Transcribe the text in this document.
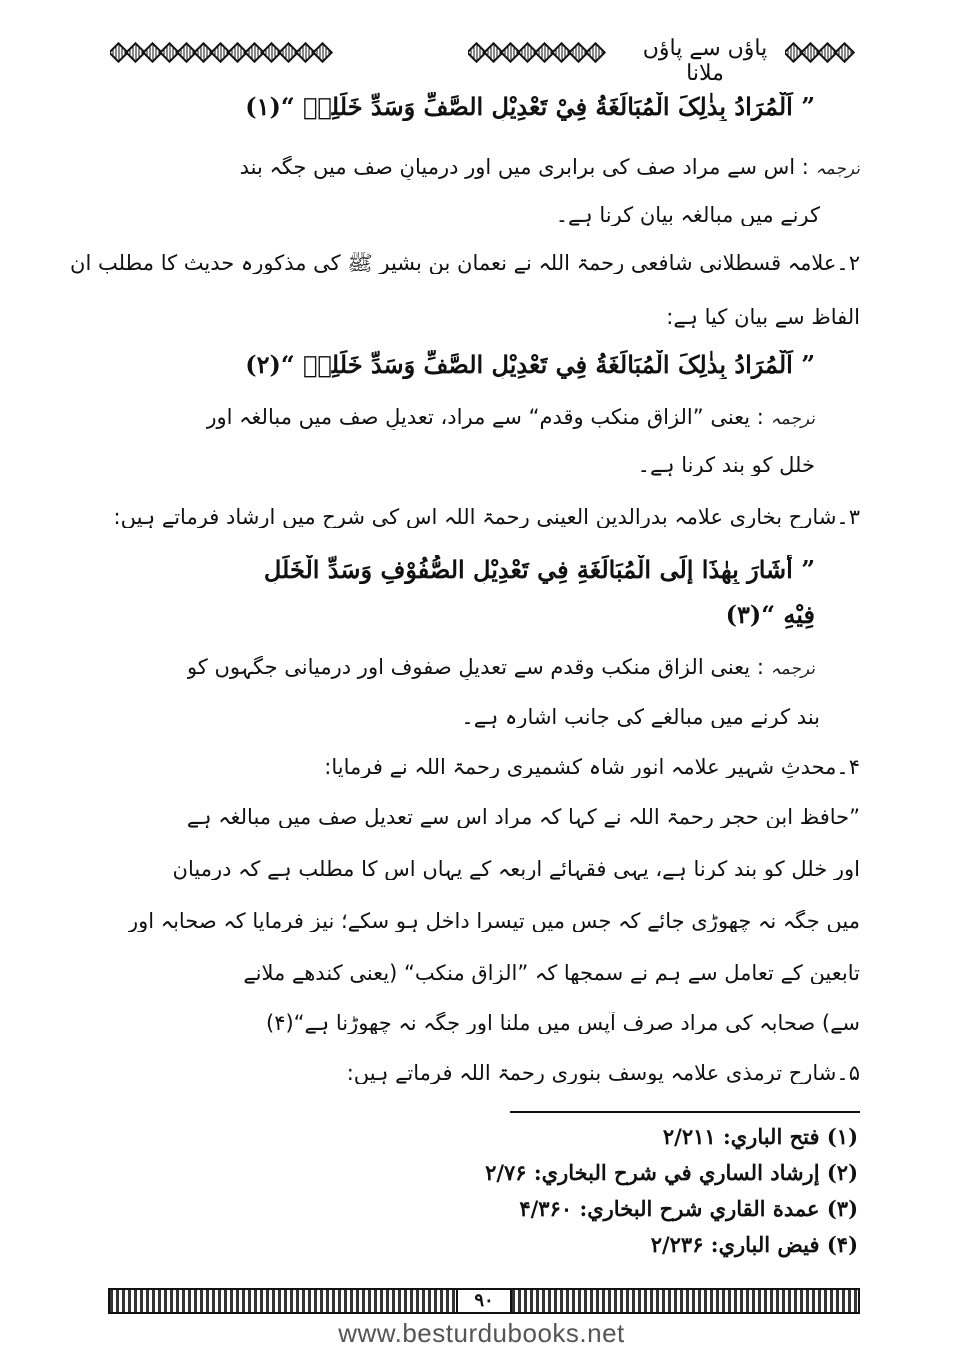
پاؤں سے پاؤں ملانا
” اَلْمُرَادُ بِذٰلِکَ الْمُبَالَغَةُ فِيْ تَعْدِيْلِ الصَّفِّ وَسَدِّ خَلَلِهٖ “(۱)
ترجمہ : اس سے مراد صف کی برابری میں اور درمیانِ صف میں جگہ بند
کرنے میں مبالغہ بیان کرنا ہے۔
۲۔علامہ قسطلانی شافعی رحمۃ اللہ نے نعمان بن بشیر ﷺ کی مذکورہ حدیث کا مطلب ان
الفاظ سے بیان کیا ہے:
” اَلْمُرَادُ بِذٰلِکَ الْمُبَالَغَةُ فِي تَعْدِيْلِ الصَّفِّ وَسَدِّ خَلَلِهٖ “(۲)
ترجمہ : یعنی ”الزاقِ منکب وقدم“ سے مراد، تعدیلِ صف میں مبالغہ اور
خلل کو بند کرنا ہے۔
۳۔شارحِ بخاری علامہ بدرالدین العینی رحمۃ اللہ اس کی شرح میں ارشاد فرماتے ہیں:
” أَشَارَ بِهٰذَا إِلَى الْمُبَالَغَةِ فِي تَعْدِيْلِ الصُّفُوْفِ وَسَدِّ الْخَلَلِ
فِيْهِ “(۳)
ترجمہ : یعنی الزاقِ منکب وقدم سے تعدیلِ صفوف اور درمیانی جگہوں کو
بند کرنے میں مبالغے کی جانب اشارہ ہے۔
۴۔محدثِ شہیر علامہ انور شاہ کشمیری رحمۃ اللہ نے فرمایا:
”حافظ ابن حجر رحمۃ اللہ نے کہا کہ مراد اس سے تعدیلِ صف میں مبالغہ ہے
اور خلل کو بند کرنا ہے، یہی فقہائے اربعہ کے یہاں اس کا مطلب ہے کہ درمیان
میں جگہ نہ چھوڑی جائے کہ جس میں تیسرا داخل ہو سکے؛ نیز فرمایا کہ صحابہ اور
تابعین کے تعامل سے ہم نے سمجھا کہ ”الزاقِ منکب“ (یعنی کندھے ملانے
سے) صحابہ کی مراد صرف آپس میں ملنا اور جگہ نہ چھوڑنا ہے“(۴)
۵۔شارحِ ترمذی علامہ یوسف بنوری رحمۃ اللہ فرماتے ہیں:
(۱) فتح الباري: ۲/۲۱۱
(۲) إرشاد الساري في شرح البخاري: ۲/۷۶
(۳) عمدة القاري شرح البخاري: ۴/۳۶۰
(۴) فيض الباري: ۲/۲۳۶
۹۰
www.besturdubooks.net
